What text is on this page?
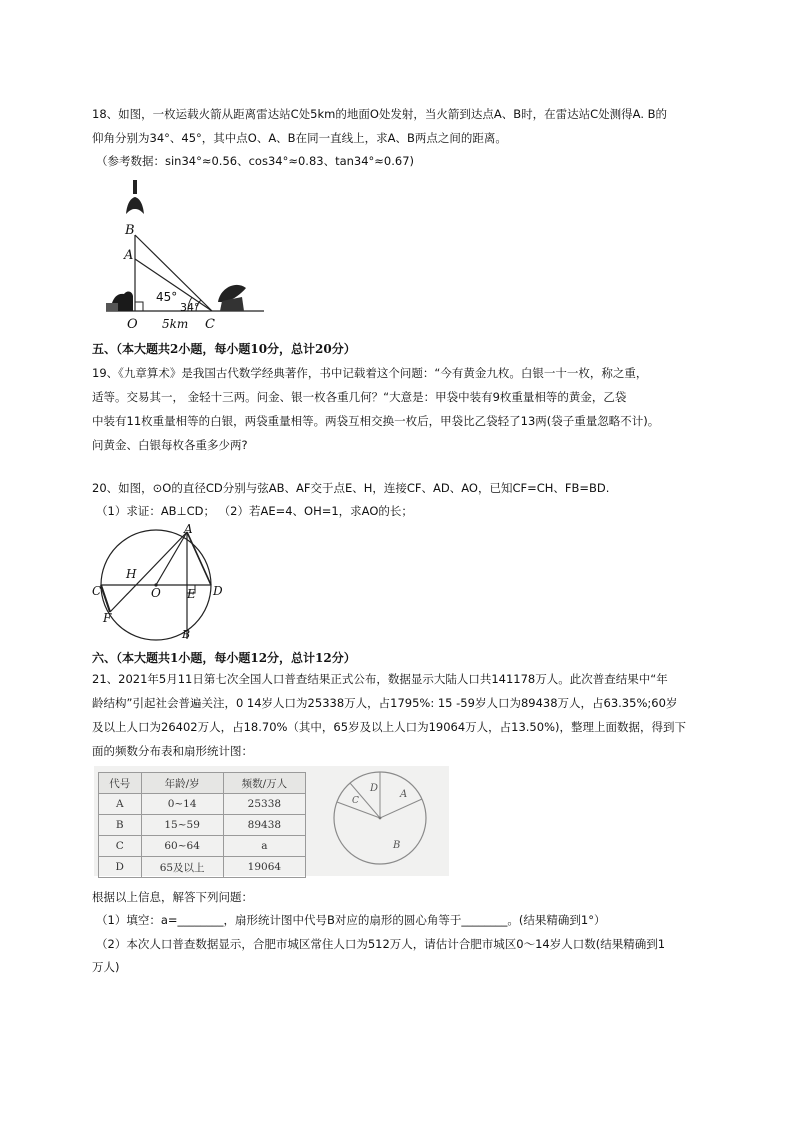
18、如图，一枚运载火箭从距离雷达站C处5km的地面O处发射，当火箭到达点A、B时，在雷达站C处测得A. B的
仰角分别为34°、45°，其中点O、A、B在同一直线上，求A、B两点之间的距离。
（参考数据：sin34°≈0.56、cos34°≈0.83、tan34°≈0.67)
B
A
45°
34°
O 5km C
五、（本大题共2小题，每小题10分，总计20分）
19、《九章算术》是我国古代数学经典著作，书中记载着这个问题：“今有黄金九枚。白银一十一枚，称之重，
适等。交易其一， 金轻十三两。问金、银一枚各重几何？“大意是：甲袋中装有9枚重量相等的黄金，乙袋
中装有11枚重量相等的白银，两袋重量相等。两袋互相交换一枚后，甲袋比乙袋轻了13两(袋子重量忽略不计)。
问黄金、白银每枚各重多少两?
20、如图，⊙O的直径CD分别与弦AB、AF交于点E、H，连接CF、AD、AO，已知CF=CH、FB=BD.
（1）求证：AB⊥CD； （2）若AE=4、OH=1，求AO的长；
A
H
C	O E D
F
B
六、（本大题共1小题，每小题12分，总计12分）
21、2021年5月11日第七次全国人口普查结果正式公布，数据显示大陆人口共141178万人。此次普查结果中“年
龄结构”引起社会普遍关注，0 14岁人口为25338万人，占1795%: 15 -59岁人口为89438万人，占63.35%;60岁
及以上人口为26402万人，占18.70%（其中，65岁及以上人口为19064万人，占13.50%)，整理上面数据，得到下
面的频数分布表和扇形统计图：
代号	年龄/岁	频数/万人
A	0~14	25338
B	15~59	89438
C	60~64	a
D	65及以上	19064
A
B
C
D
根据以上信息，解答下列问题：
（1）填空：a=________，扇形统计图中代号B对应的扇形的圆心角等于________。(结果精确到1°）
（2）本次人口普查数据显示，合肥市城区常住人口为512万人，请估计合肥市城区0～14岁人口数(结果精确到1
万人)
